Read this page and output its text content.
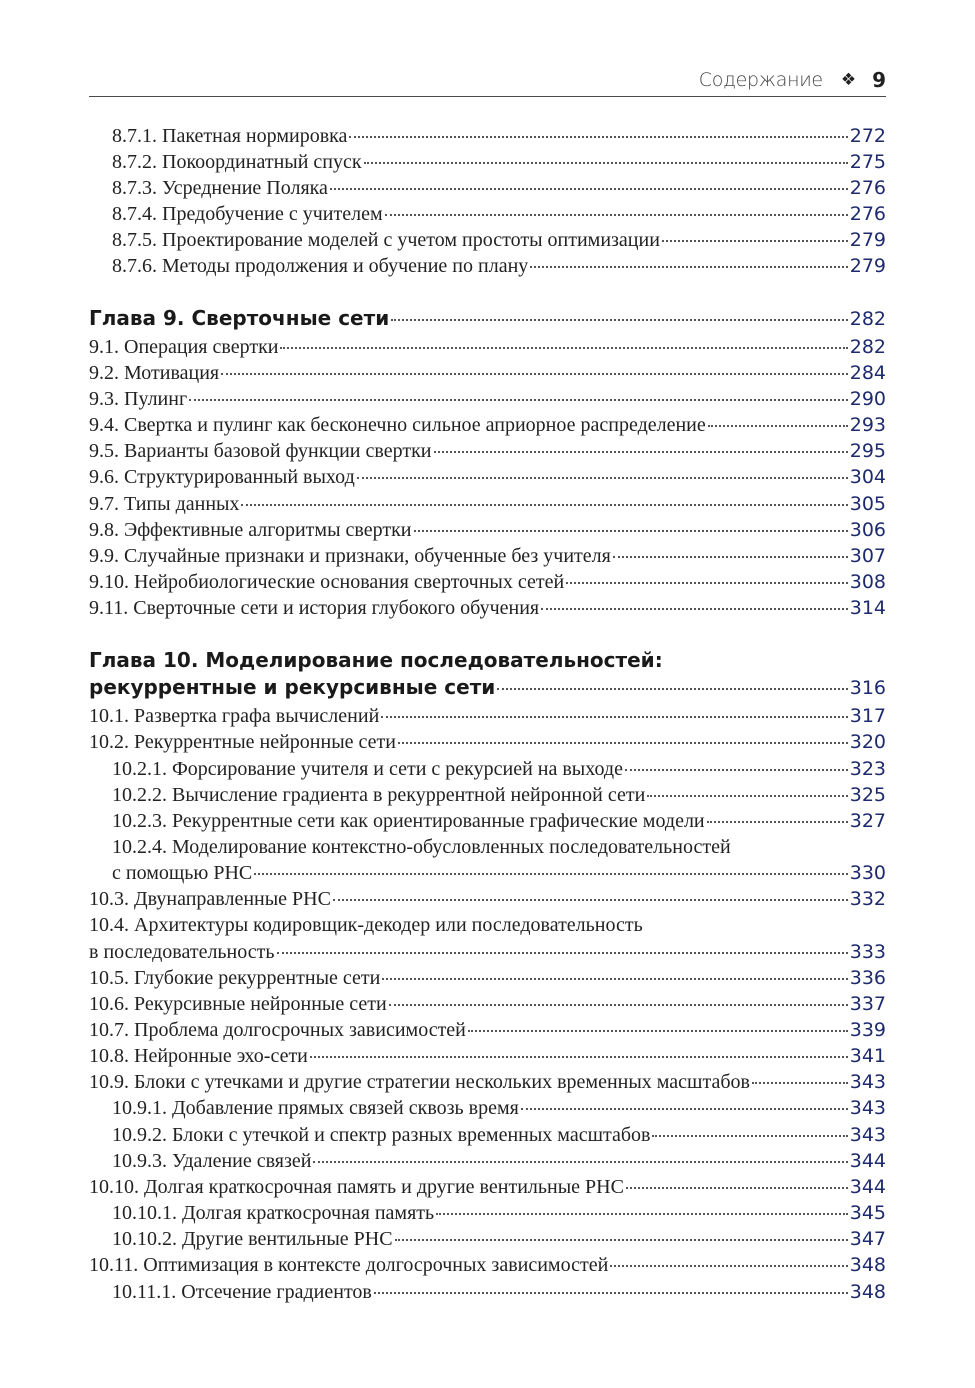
Содержание ❖ 9
8.7.1. Пакетная нормировка	272
8.7.2. Покоординатный спуск	275
8.7.3. Усреднение Поляка	276
8.7.4. Предобучение с учителем	276
8.7.5. Проектирование моделей с учетом простоты оптимизации	279
8.7.6. Методы продолжения и обучение по плану	279
Глава 9. Сверточные сети	282
9.1. Операция свертки	282
9.2. Мотивация	284
9.3. Пулинг	290
9.4. Свертка и пулинг как бесконечно сильное априорное распределение	293
9.5. Варианты базовой функции свертки	295
9.6. Структурированный выход	304
9.7. Типы данных	305
9.8. Эффективные алгоритмы свертки	306
9.9. Случайные признаки и признаки, обученные без учителя	307
9.10. Нейробиологические основания сверточных сетей	308
9.11. Сверточные сети и история глубокого обучения	314
Глава 10. Моделирование последовательностей:
рекуррентные и рекурсивные сети	316
10.1. Развертка графа вычислений	317
10.2. Рекуррентные нейронные сети	320
10.2.1. Форсирование учителя и сети с рекурсией на выходе	323
10.2.2. Вычисление градиента в рекуррентной нейронной сети	325
10.2.3. Рекуррентные сети как ориентированные графические модели	327
10.2.4. Моделирование контекстно-обусловленных последовательностей
с помощью РНС	330
10.3. Двунаправленные РНС	332
10.4. Архитектуры кодировщик-декодер или последовательность
в последовательность	333
10.5. Глубокие рекуррентные сети	336
10.6. Рекурсивные нейронные сети	337
10.7. Проблема долгосрочных зависимостей	339
10.8. Нейронные эхо-сети	341
10.9. Блоки с утечками и другие стратегии нескольких временных масштабов	343
10.9.1. Добавление прямых связей сквозь время	343
10.9.2. Блоки с утечкой и спектр разных временных масштабов	343
10.9.3. Удаление связей	344
10.10. Долгая краткосрочная память и другие вентильные РНС	344
10.10.1. Долгая краткосрочная память	345
10.10.2. Другие вентильные РНС	347
10.11. Оптимизация в контексте долгосрочных зависимостей	348
10.11.1. Отсечение градиентов	348
